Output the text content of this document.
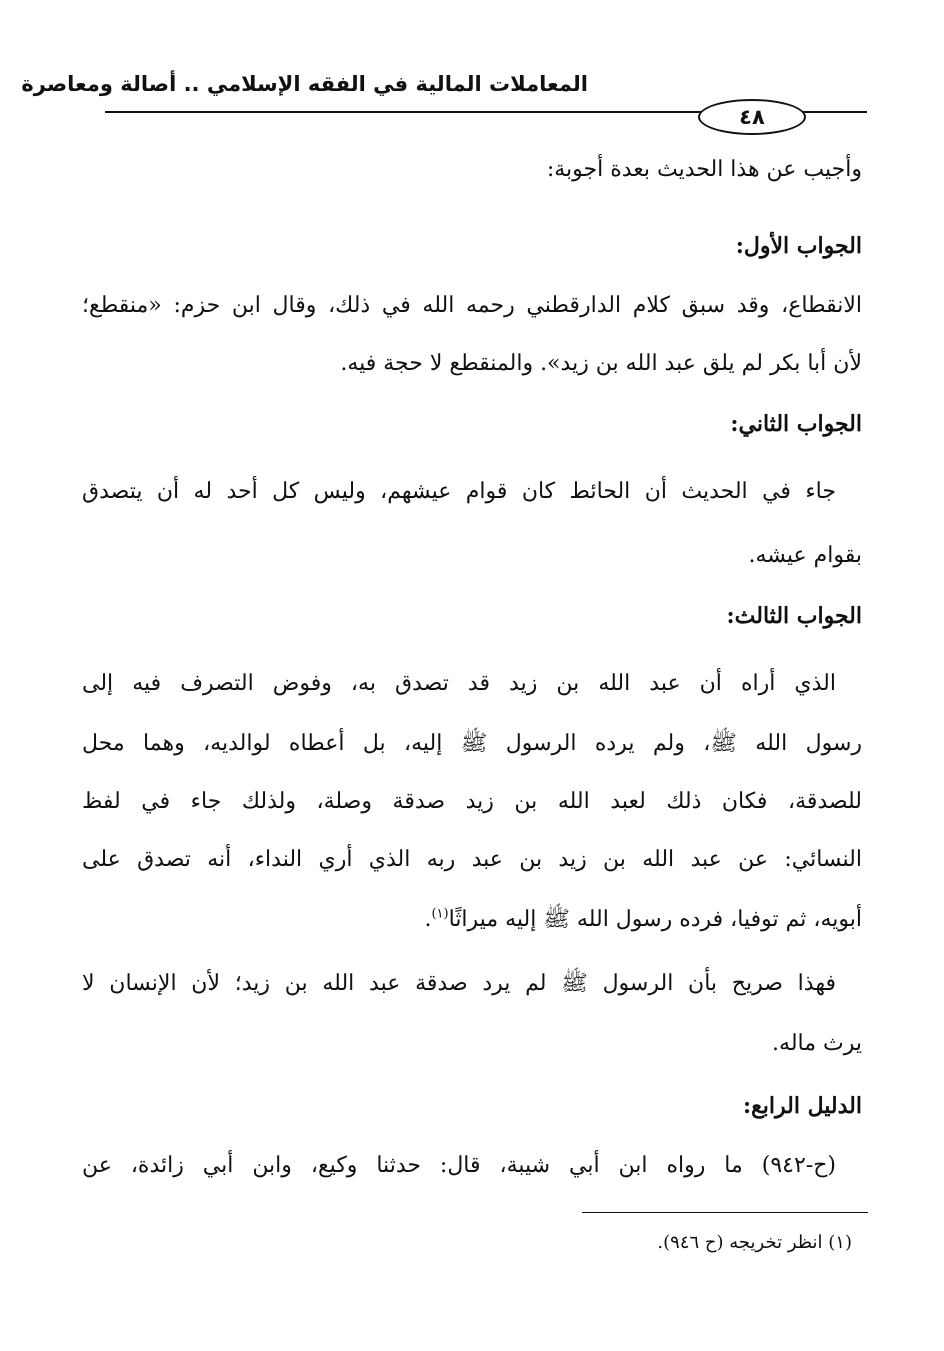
المعاملات المالية في الفقه الإسلامي .. أصالة ومعاصرة
٤٨
وأجيب عن هذا الحديث بعدة أجوبة:
الجواب الأول:
الانقطاع، وقد سبق كلام الدارقطني رحمه الله في ذلك، وقال ابن حزم: «منقطع؛
لأن أبا بكر لم يلق عبد الله بن زيد». والمنقطع لا حجة فيه.
الجواب الثاني:
جاء في الحديث أن الحائط كان قوام عيشهم، وليس كل أحد له أن يتصدق
بقوام عيشه.
الجواب الثالث:
الذي أراه أن عبد الله بن زيد قد تصدق به، وفوض التصرف فيه إلى
رسول الله ﷺ، ولم يرده الرسول ﷺ إليه، بل أعطاه لوالديه، وهما محل
للصدقة، فكان ذلك لعبد الله بن زيد صدقة وصلة، ولذلك جاء في لفظ
النسائي: عن عبد الله بن زيد بن عبد ربه الذي أري النداء، أنه تصدق على
أبويه، ثم توفيا، فرده رسول الله ﷺ إليه ميراثًا$^{(١)}$.
فهذا صريح بأن الرسول ﷺ لم يرد صدقة عبد الله بن زيد؛ لأن الإنسان لا
يرث ماله.
الدليل الرابع:
(ح-٩٤٢) ما رواه ابن أبي شيبة، قال: حدثنا وكيع، وابن أبي زائدة، عن
(١) انظر تخريجه (ح ٩٤٦).
